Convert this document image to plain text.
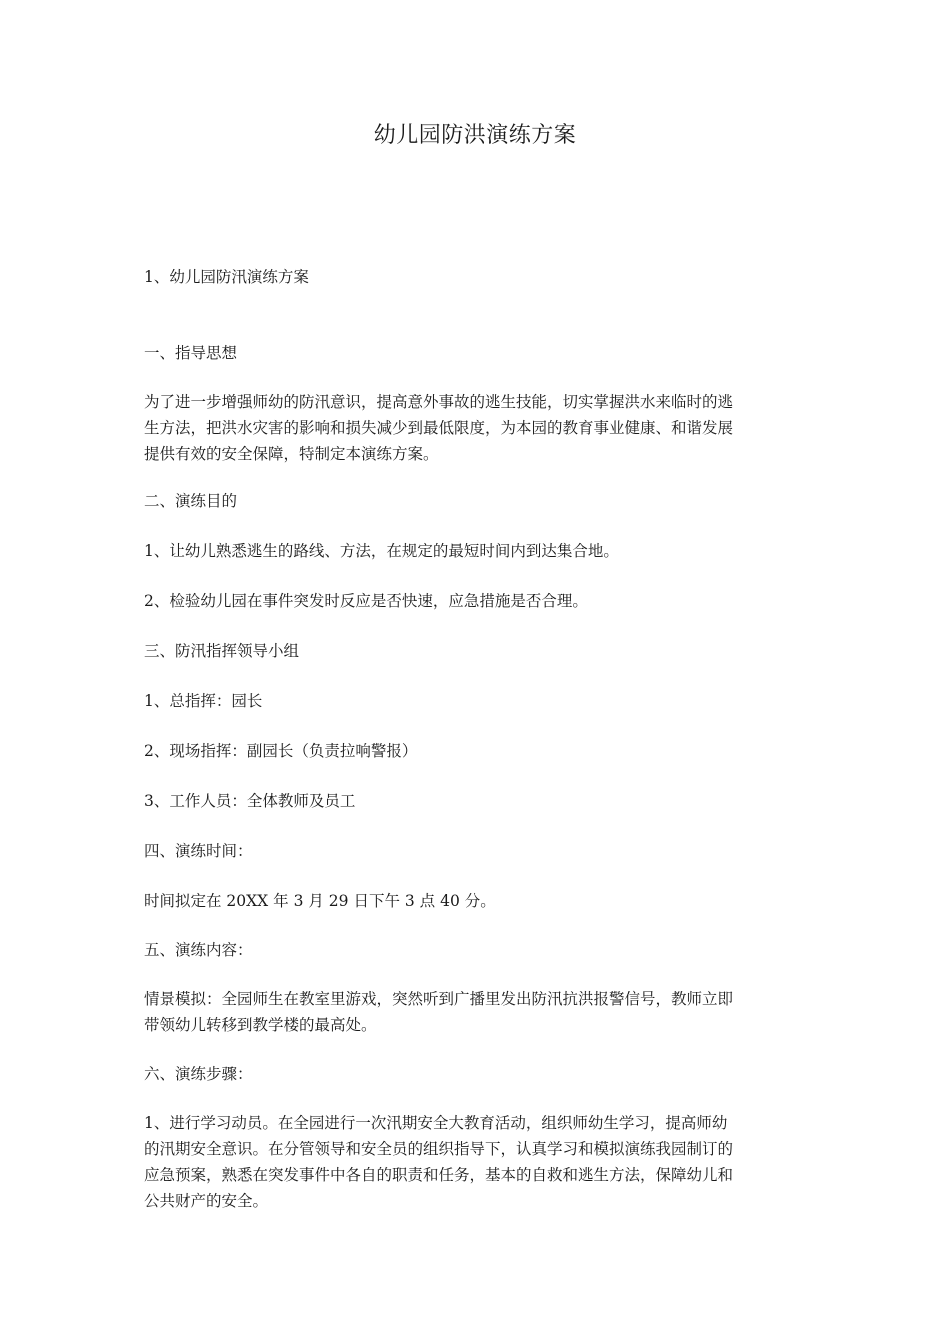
幼儿园防洪演练方案
1、幼儿园防汛演练方案
一、指导思想
为了进一步增强师幼的防汛意识，提高意外事故的逃生技能，切实掌握洪水来临时的逃
生方法，把洪水灾害的影响和损失减少到最低限度，为本园的教育事业健康、和谐发展
提供有效的安全保障，特制定本演练方案。
二、演练目的
1、让幼儿熟悉逃生的路线、方法，在规定的最短时间内到达集合地。
2、检验幼儿园在事件突发时反应是否快速，应急措施是否合理。
三、防汛指挥领导小组
1、总指挥：园长
2、现场指挥：副园长（负责拉响警报）
3、工作人员：全体教师及员工
四、演练时间：
时间拟定在 20XX 年 3 月 29 日下午 3 点 40 分。
五、演练内容：
情景模拟：全园师生在教室里游戏，突然听到广播里发出防汛抗洪报警信号，教师立即
带领幼儿转移到教学楼的最高处。
六、演练步骤：
1、进行学习动员。在全园进行一次汛期安全大教育活动，组织师幼生学习，提高师幼
的汛期安全意识。在分管领导和安全员的组织指导下，认真学习和模拟演练我园制订的
应急预案，熟悉在突发事件中各自的职责和任务，基本的自救和逃生方法，保障幼儿和
公共财产的安全。
